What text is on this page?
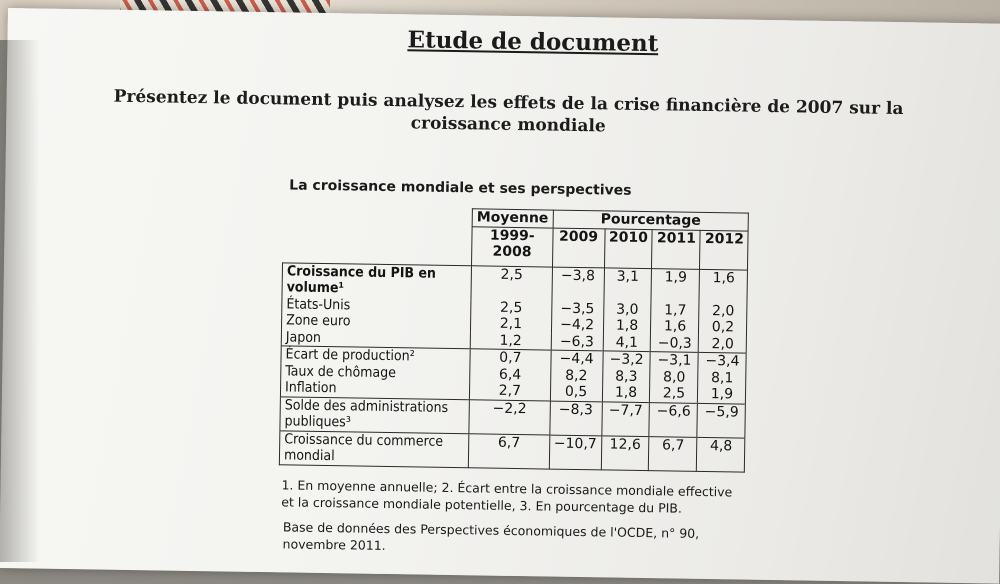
Etude de document
Présentez le document puis analysez les effets de la crise financière de 2007 sur la croissance mondiale
La croissance mondiale et ses perspectives
	Moyenne	Pourcentage			
	1999-2008	2009	2010	2011	2012
Croissance du PIB en volume¹	2,5	−3,8	3,1	1,9	1,6
États-Unis	2,5	−3,5	3,0	1,7	2,0
Zone euro	2,1	−4,2	1,8	1,6	0,2
Japon	1,2	−6,3	4,1	−0,3	2,0
Écart de production²	0,7	−4,4	−3,2	−3,1	−3,4
Taux de chômage	6,4	8,2	8,3	8,0	8,1
Inflation	2,7	0,5	1,8	2,5	1,9
Solde des administrations publiques³	−2,2	−8,3	−7,7	−6,6	−5,9
Croissance du commerce mondial	6,7	−10,7	12,6	6,7	4,8
1. En moyenne annuelle; 2. Écart entre la croissance mondiale effective et la croissance mondiale potentielle, 3. En pourcentage du PIB.
Base de données des Perspectives économiques de l'OCDE, n° 90, novembre 2011.
